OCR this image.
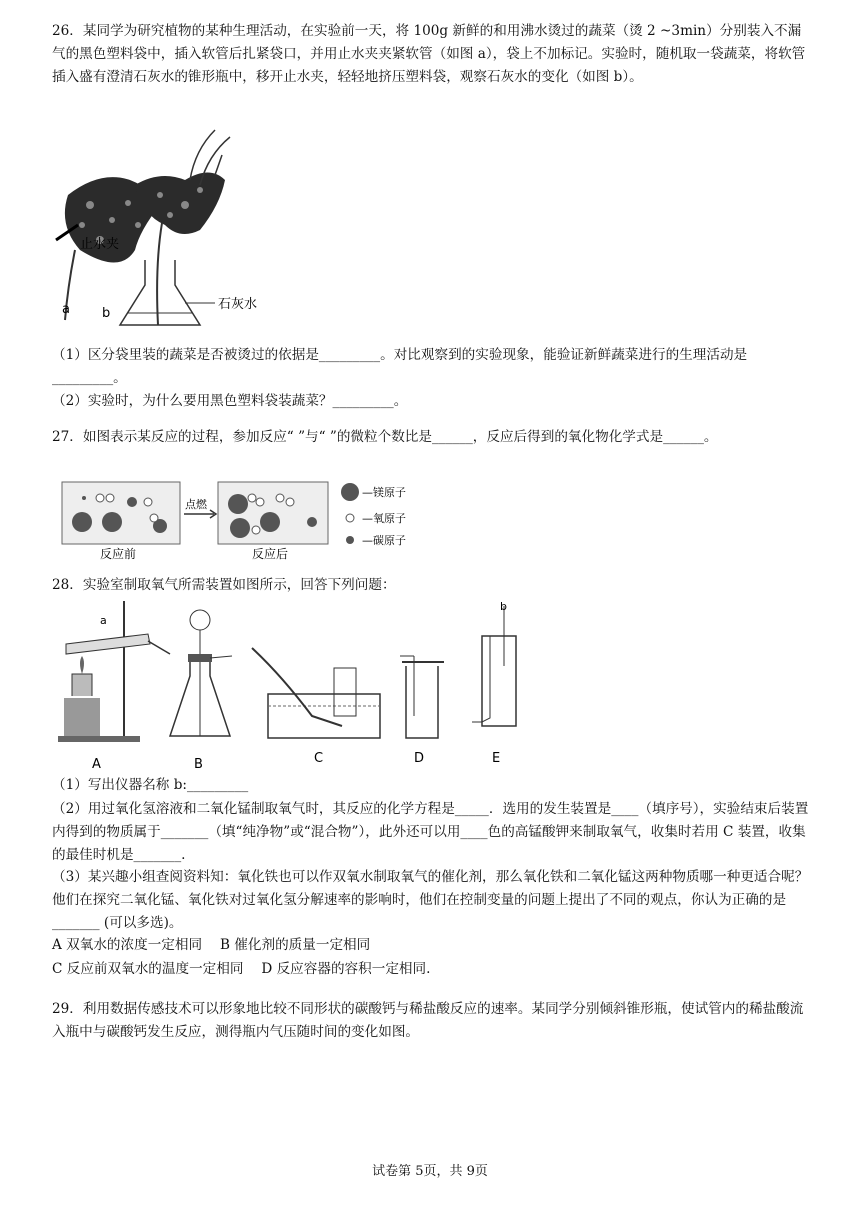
26．某同学为研究植物的某种生理活动，在实验前一天，将 100g 新鲜的和用沸水烫过的蔬菜（烫 2 ~3min）分别装入不漏气的黑色塑料袋中，插入软管后扎紧袋口，并用止水夹夹紧软管（如图 a），袋上不加标记。实验时，随机取一袋蔬菜，将软管插入盛有澄清石灰水的锥形瓶中，移开止水夹，轻轻地挤压塑料袋，观察石灰水的变化（如图 b）。

止水夹
石灰水
a b

（1）区分袋里装的蔬菜是否被烫过的依据是_________。对比观察到的实验现象，能验证新鲜蔬菜进行的生理活动是_________。

（2）实验时，为什么要用黑色塑料袋装蔬菜？_________。

27．如图表示某反应的过程，参加反应“ ”与“ ”的微粒个数比是______，反应后得到的氧化物化学式是______。

点燃
反应前	反应后
—镁原子
—氧原子
—碳原子

28．实验室制取氧气所需装置如图所示，回答下列问题：

A
a
B	C	D
b
E

（1）写出仪器名称 b:_________

（2）用过氧化氢溶液和二氧化锰制取氧气时，其反应的化学方程是_____．选用的发生装置是____（填序号），实验结束后装置内得到的物质属于_______（填“纯净物”或“混合物”），此外还可以用____色的高锰酸钾来制取氧气，收集时若用 C 装置，收集的最佳时机是_______.

（3）某兴趣小组查阅资料知：氧化铁也可以作双氧水制取氧气的催化剂，那么氧化铁和二氧化锰这两种物质哪一种更适合呢？他们在探究二氧化锰、氧化铁对过氧化氢分解速率的影响时，他们在控制变量的问题上提出了不同的观点，你认为正确的是_______ (可以多选)。

A 双氧水的浓度一定相同　 B 催化剂的质量一定相同

C 反应前双氧水的温度一定相同　 D 反应容器的容积一定相同.

29．利用数据传感技术可以形象地比较不同形状的碳酸钙与稀盐酸反应的速率。某同学分别倾斜锥形瓶，使试管内的稀盐酸流入瓶中与碳酸钙发生反应，测得瓶内气压随时间的变化如图。

试卷第 5页，共 9页
